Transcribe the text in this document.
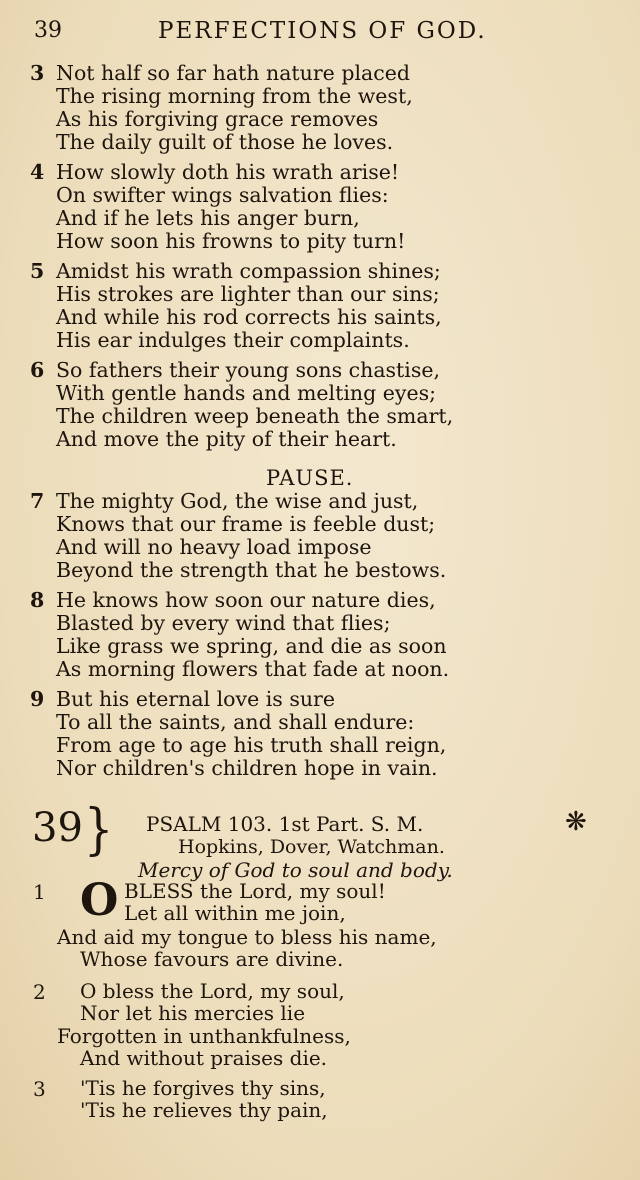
39	PERFECTIONS OF GOD.
3 Not half so far hath nature placed
The rising morning from the west,
As his forgiving grace removes
The daily guilt of those he loves.
4 How slowly doth his wrath arise!
On swifter wings salvation flies:
And if he lets his anger burn,
How soon his frowns to pity turn!
5 Amidst his wrath compassion shines;
His strokes are lighter than our sins;
And while his rod corrects his saints,
His ear indulges their complaints.
6 So fathers their young sons chastise,
With gentle hands and melting eyes;
The children weep beneath the smart,
And move the pity of their heart.
PAUSE.
7 The mighty God, the wise and just,
Knows that our frame is feeble dust;
And will no heavy load impose
Beyond the strength that he bestows.
8 He knows how soon our nature dies,
Blasted by every wind that flies;
Like grass we spring, and die as soon
As morning flowers that fade at noon.
9 But his eternal love is sure
To all the saints, and shall endure:
From age to age his truth shall reign,
Nor children's children hope in vain.
39 } PSALM 103. 1st Part. S. M.	❋
Hopkins, Dover, Watchman.
Mercy of God to soul and body.
1 O BLESS the Lord, my soul!
Let all within me join,
And aid my tongue to bless his name,
Whose favours are divine.
2 O bless the Lord, my soul,
Nor let his mercies lie
Forgotten in unthankfulness,
And without praises die.
3 'Tis he forgives thy sins,
'Tis he relieves thy pain,
